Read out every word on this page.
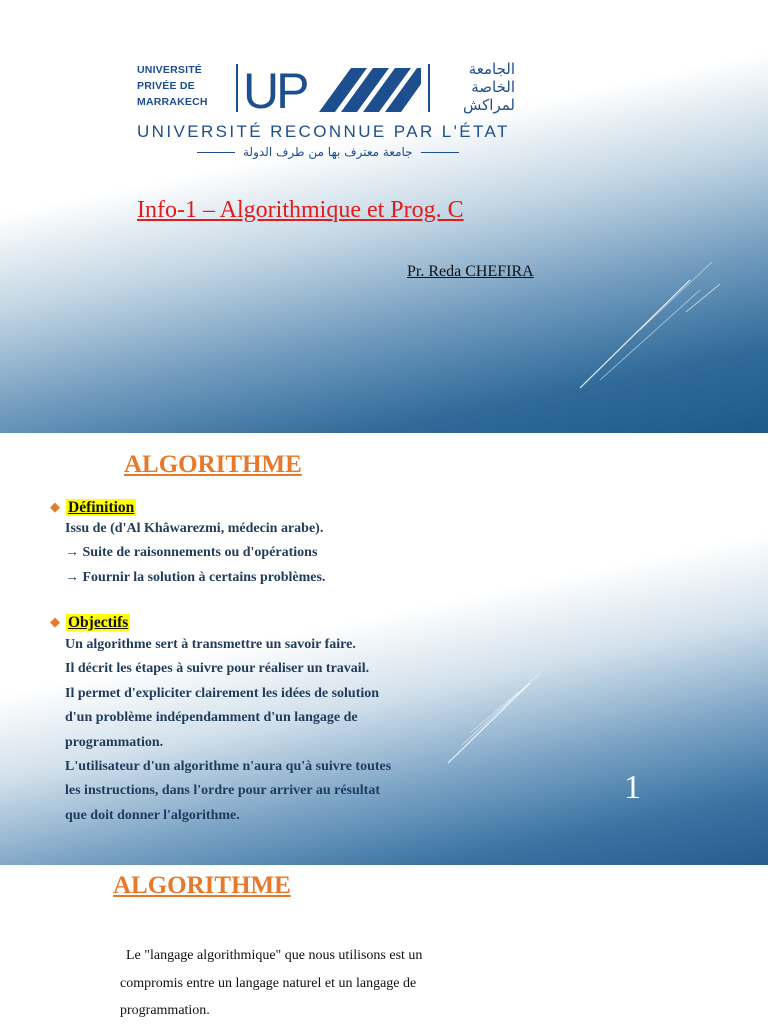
UNIVERSITÉ
PRIVÉE DE
MARRAKECH UP	الجامعة
الخاصة
لمراكش
UNIVERSITÉ RECONNUE PAR L'ÉTAT
جامعة معترف بها من طرف الدولة
Info-1 – Algorithmique et Prog. C
Pr. Reda CHEFIRA
ALGORITHME
◆ Définition
Issu de (d'Al Khâwarezmi, médecin arabe).
→ Suite de raisonnements ou d'opérations
→ Fournir la solution à certains problèmes.
◆ Objectifs
Un algorithme sert à transmettre un savoir faire.
Il décrit les étapes à suivre pour réaliser un travail.
Il permet d'expliciter clairement les idées de solution
d'un problème indépendamment d'un langage de
programmation.
L'utilisateur d'un algorithme n'aura qu'à suivre toutes
les instructions, dans l'ordre pour arriver au résultat
que doit donner l'algorithme.
1
ALGORITHME
Le "langage algorithmique" que nous utilisons est un
compromis entre un langage naturel et un langage de
programmation.
